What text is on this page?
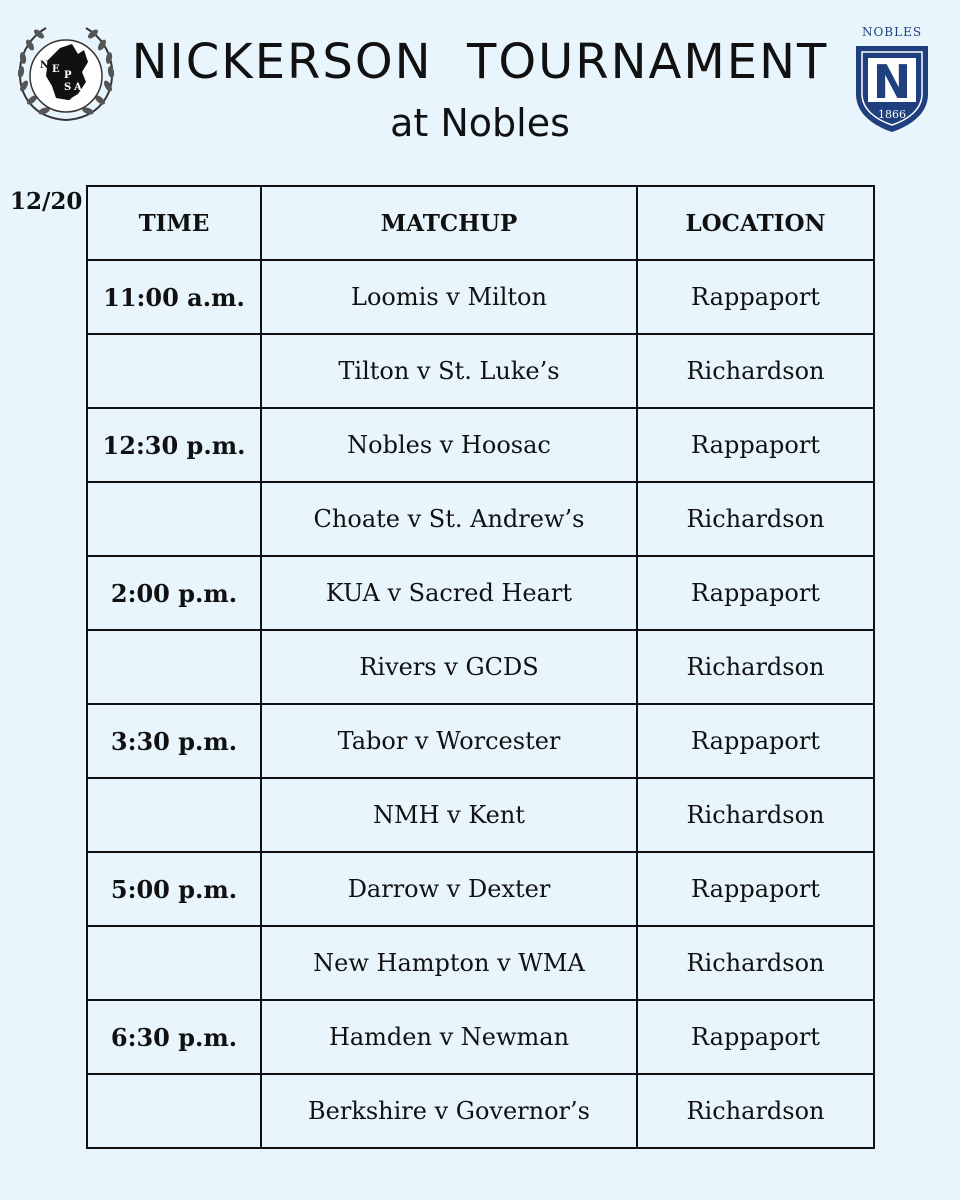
N E
P
S A
C
NICKERSON  TOURNAMENT
at Nobles
NOBLES
N
1866
12/20
TIME	MATCHUP	LOCATION
11:00 a.m.	Loomis v Milton	Rappaport
	Tilton v St. Luke’s	Richardson
12:30 p.m.	Nobles v Hoosac	Rappaport
	Choate v St. Andrew’s	Richardson
2:00 p.m.	KUA v Sacred Heart	Rappaport
	Rivers v GCDS	Richardson
3:30 p.m.	Tabor v Worcester	Rappaport
	NMH v Kent	Richardson
5:00 p.m.	Darrow v Dexter	Rappaport
	New Hampton v WMA	Richardson
6:30 p.m.	Hamden v Newman	Rappaport
	Berkshire v Governor’s	Richardson
